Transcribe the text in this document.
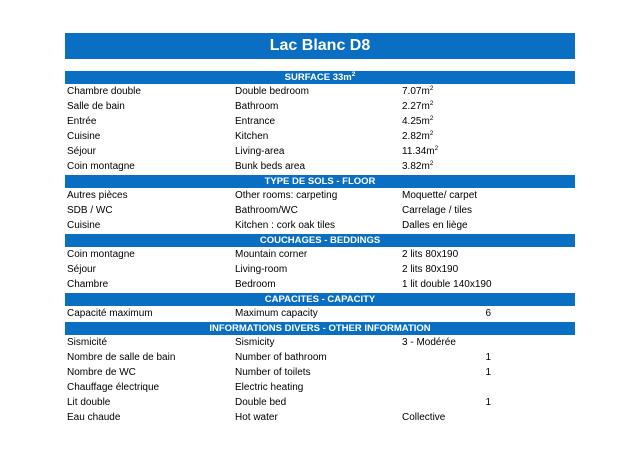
Lac Blanc D8
SURFACE $33m^2$
Chambre double	Double bedroom	$7.07m^2$
Salle de bain	Bathroom	$2.27m^2$
Entrée	Entrance	$4.25m^2$
Cuisine	Kitchen	$2.82m^2$
Séjour	Living-area	$11.34m^2$
Coin montagne	Bunk beds area	$3.82m^2$
TYPE DE SOLS - FLOOR
Autres pièces	Other rooms: carpeting	Moquette/ carpet
SDB / WC	Bathroom/WC	Carrelage / tiles
Cuisine	Kitchen : cork oak tiles	Dalles en liège
COUCHAGES - BEDDINGS
Coin montagne	Mountain corner	2 lits 80x190
Séjour	Living-room	2 lits 80x190
Chambre	Bedroom	1 lit double 140x190
CAPACITES - CAPACITY
Capacité maximum	Maximum capacity	6
INFORMATIONS DIVERS - OTHER INFORMATION
Sismicité	Sismicity	3 - Modérée
Nombre de salle de bain	Number of bathroom	1
Nombre de WC	Number of toilets	1
Chauffage électrique	Electric heating
Lit double	Double bed	1
Eau chaude	Hot water	Collective
